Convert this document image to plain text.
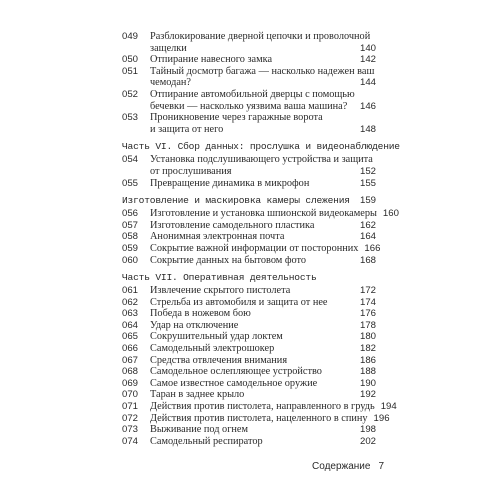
049	Разблокирование дверной цепочки и проволочной
защелки	140
050	Отпирание навесного замка	142
051	Тайный досмотр багажа — насколько надежен ваш
чемодан?	144
052	Отпирание автомобильной дверцы с помощью
бечевки — насколько уязвима ваша машина? 146
053	Проникновение через гаражные ворота
и защита от него	148
Часть VI. Сбор данных: прослушка и видеонаблюдение
054	Установка подслушивающего устройства и защита
от прослушивания	152
055	Превращение динамика в микрофон	155
Изготовление и маскировка камеры слежения 159
056	Изготовление и установка шпионской видеокамеры 160
057	Изготовление самодельного пластика	162
058	Анонимная электронная почта	164
059	Сокрытие важной информации от посторонних 166
060	Сокрытие данных на бытовом фото	168
Часть VII. Оперативная деятельность
061	Извлечение скрытого пистолета	172
062	Стрельба из автомобиля и защита от нее	174
063	Победа в ножевом бою	176
064	Удар на отключение	178
065	Сокрушительный удар локтем	180
066	Самодельный электрошокер	182
067	Средства отвлечения внимания	186
068	Самодельное ослепляющее устройство	188
069	Самое известное самодельное оружие	190
070	Таран в заднее крыло	192
071	Действия против пистолета, направленного в грудь 194
072	Действия против пистолета, нацеленного в спину 196
073	Выживание под огнем	198
074	Самодельный респиратор	202
Содержание 7
